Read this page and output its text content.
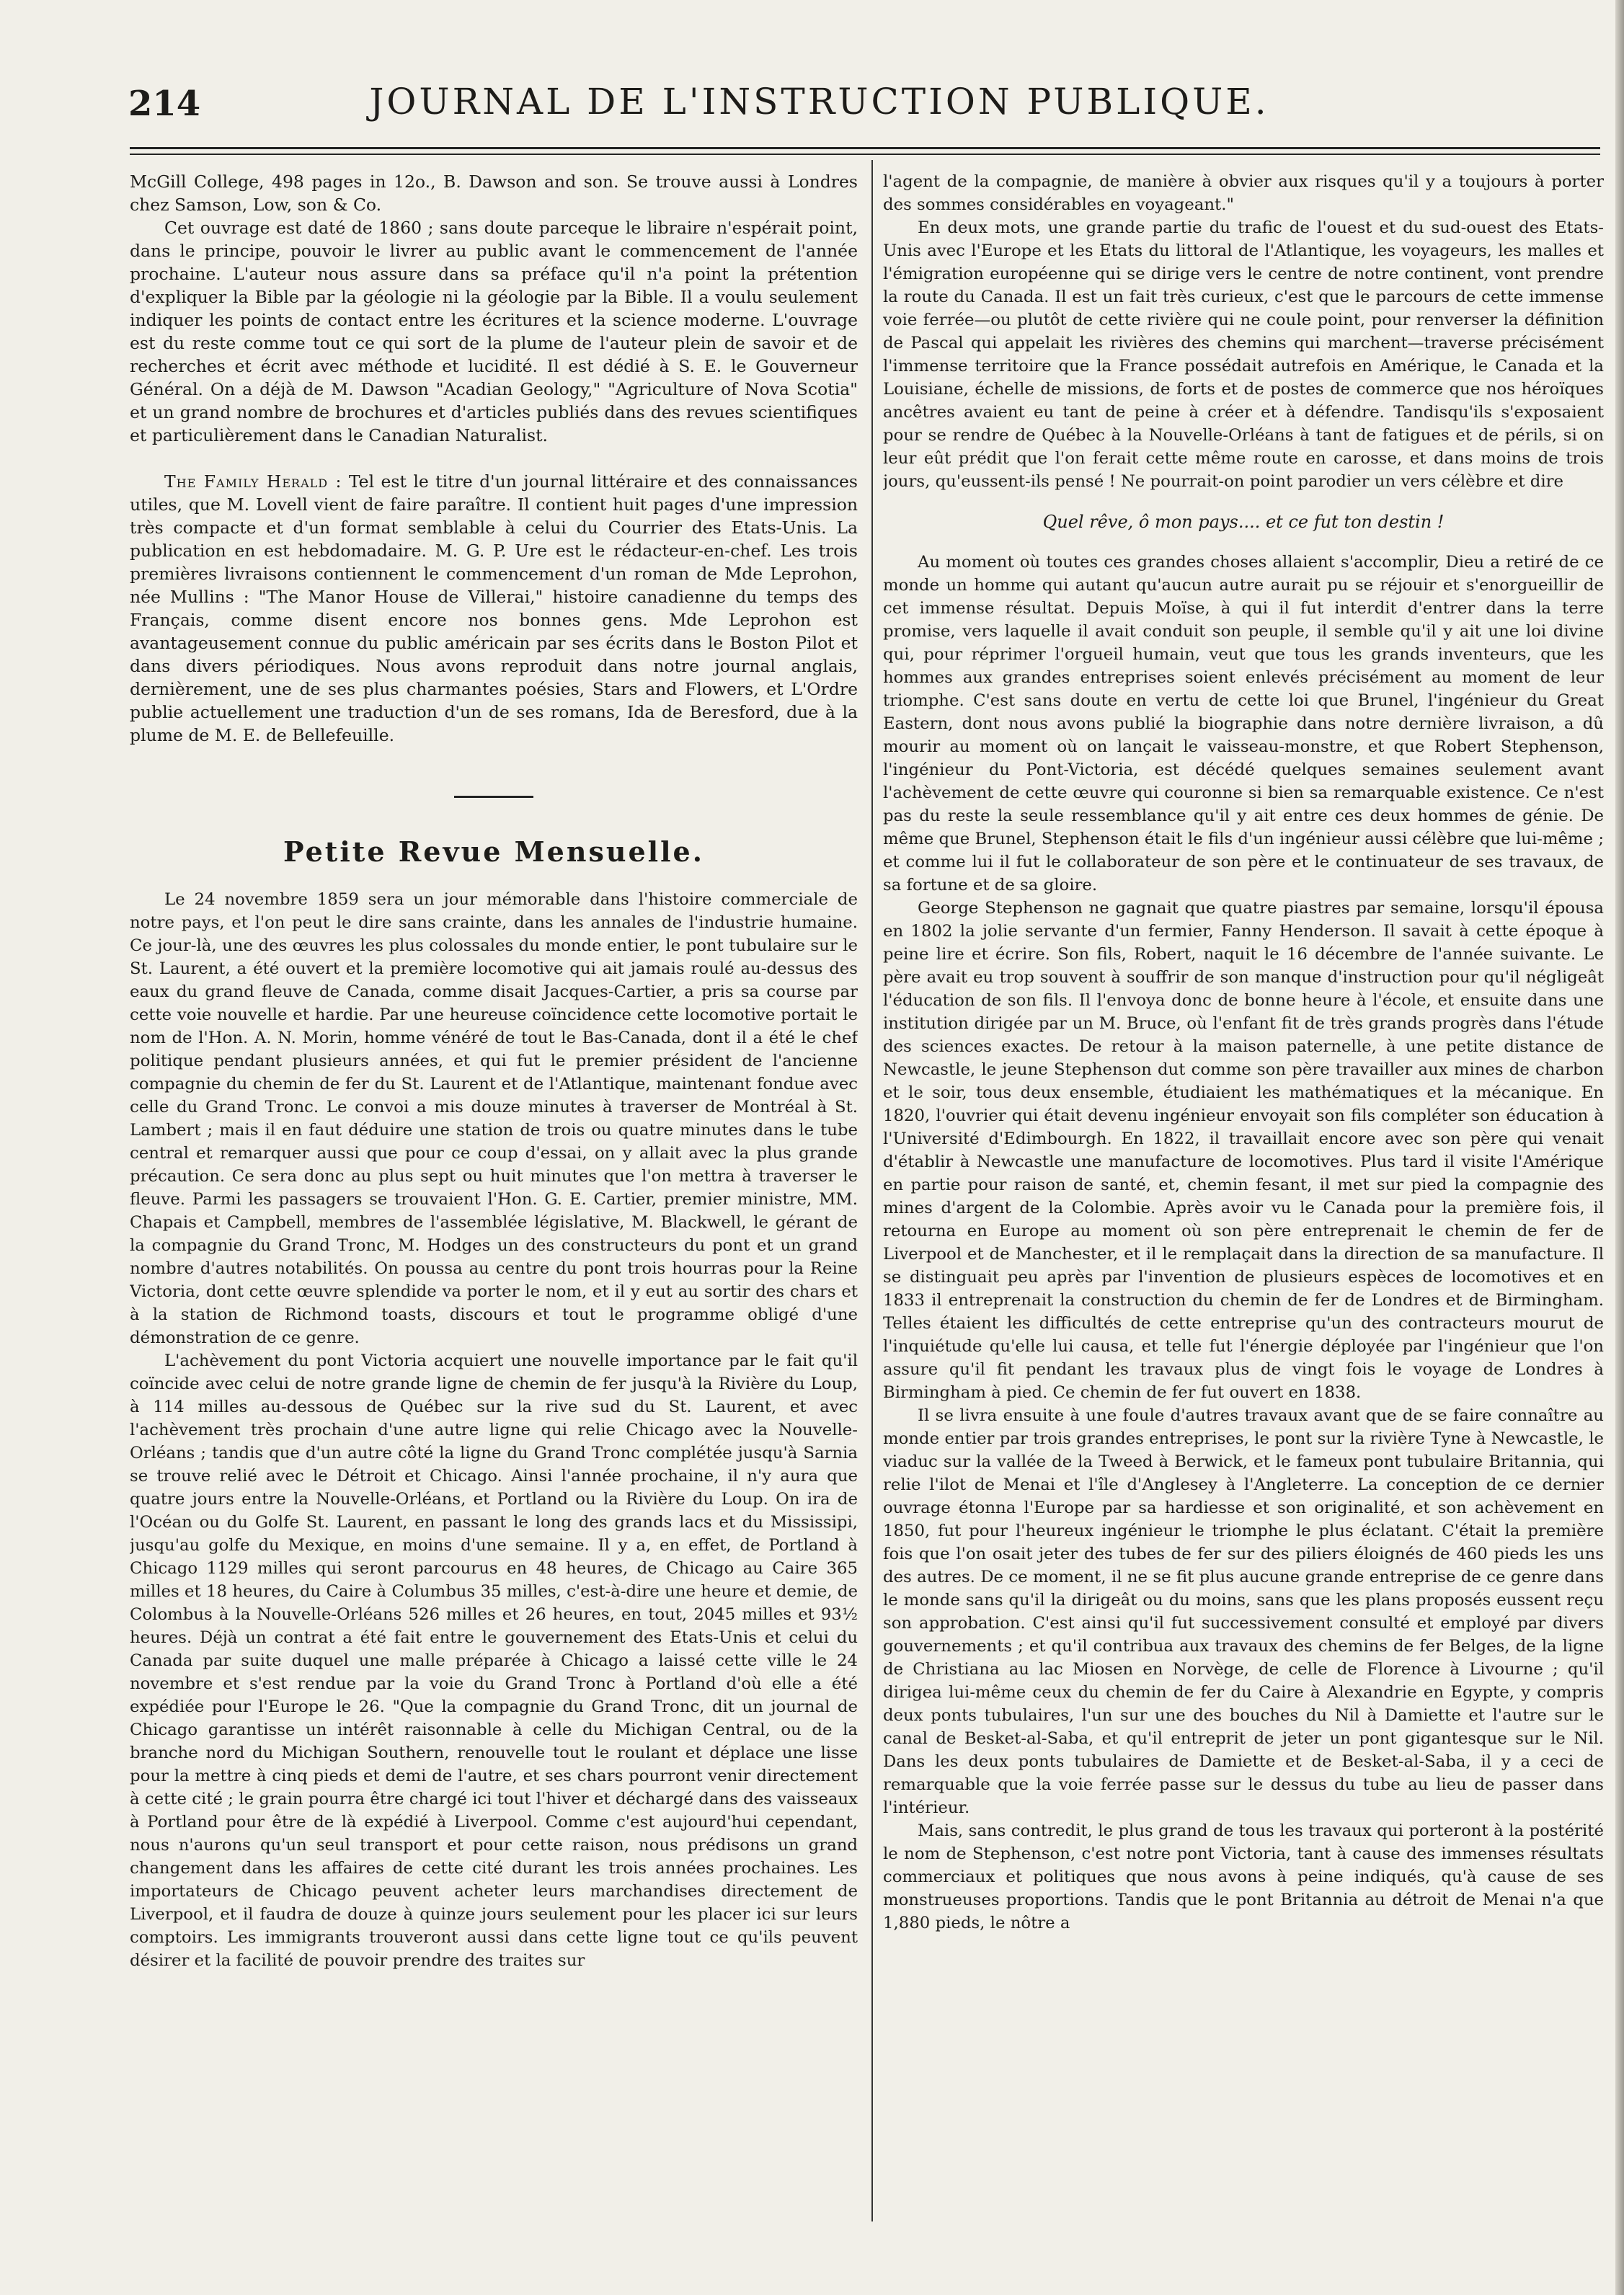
214	JOURNAL DE L'INSTRUCTION PUBLIQUE.

McGill College, 498 pages in 12o., B. Dawson and son. Se trouve aussi à Londres chez Samson, Low, son & Co.

Cet ouvrage est daté de 1860 ; sans doute parceque le libraire n'espérait point, dans le principe, pouvoir le livrer au public avant le commencement de l'année prochaine. L'auteur nous assure dans sa préface qu'il n'a point la prétention d'expliquer la Bible par la géologie ni la géologie par la Bible. Il a voulu seulement indiquer les points de contact entre les écritures et la science moderne. L'ouvrage est du reste comme tout ce qui sort de la plume de l'auteur plein de savoir et de recherches et écrit avec méthode et lucidité. Il est dédié à S. E. le Gouverneur Général. On a déjà de M. Dawson "Acadian Geology," "Agriculture of Nova Scotia" et un grand nombre de brochures et d'articles publiés dans des revues scientifiques et particulièrement dans le Canadian Naturalist.

The Family Herald : Tel est le titre d'un journal littéraire et des connaissances utiles, que M. Lovell vient de faire paraître. Il contient huit pages d'une impression très compacte et d'un format semblable à celui du Courrier des Etats-Unis. La publication en est hebdomadaire. M. G. P. Ure est le rédacteur-en-chef. Les trois premières livraisons contiennent le commencement d'un roman de Mde Leprohon, née Mullins : "The Manor House de Villerai," histoire canadienne du temps des Français, comme disent encore nos bonnes gens. Mde Leprohon est avantageusement connue du public américain par ses écrits dans le Boston Pilot et dans divers périodiques. Nous avons reproduit dans notre journal anglais, dernièrement, une de ses plus charmantes poésies, Stars and Flowers, et L'Ordre publie actuellement une traduction d'un de ses romans, Ida de Beresford, due à la plume de M. E. de Bellefeuille.

Petite Revue Mensuelle.

Le 24 novembre 1859 sera un jour mémorable dans l'histoire commerciale de notre pays, et l'on peut le dire sans crainte, dans les annales de l'industrie humaine. Ce jour-là, une des œuvres les plus colossales du monde entier, le pont tubulaire sur le St. Laurent, a été ouvert et la première locomotive qui ait jamais roulé au-dessus des eaux du grand fleuve de Canada, comme disait Jacques-Cartier, a pris sa course par cette voie nouvelle et hardie. Par une heureuse coïncidence cette locomotive portait le nom de l'Hon. A. N. Morin, homme vénéré de tout le Bas-Canada, dont il a été le chef politique pendant plusieurs années, et qui fut le premier président de l'ancienne compagnie du chemin de fer du St. Laurent et de l'Atlantique, maintenant fondue avec celle du Grand Tronc. Le convoi a mis douze minutes à traverser de Montréal à St. Lambert ; mais il en faut déduire une station de trois ou quatre minutes dans le tube central et remarquer aussi que pour ce coup d'essai, on y allait avec la plus grande précaution. Ce sera donc au plus sept ou huit minutes que l'on mettra à traverser le fleuve. Parmi les passagers se trouvaient l'Hon. G. E. Cartier, premier ministre, MM. Chapais et Campbell, membres de l'assemblée législative, M. Blackwell, le gérant de la compagnie du Grand Tronc, M. Hodges un des constructeurs du pont et un grand nombre d'autres notabilités. On poussa au centre du pont trois hourras pour la Reine Victoria, dont cette œuvre splendide va porter le nom, et il y eut au sortir des chars et à la station de Richmond toasts, discours et tout le programme obligé d'une démonstration de ce genre.

L'achèvement du pont Victoria acquiert une nouvelle importance par le fait qu'il coïncide avec celui de notre grande ligne de chemin de fer jusqu'à la Rivière du Loup, à 114 milles au-dessous de Québec sur la rive sud du St. Laurent, et avec l'achèvement très prochain d'une autre ligne qui relie Chicago avec la Nouvelle-Orléans ; tandis que d'un autre côté la ligne du Grand Tronc complétée jusqu'à Sarnia se trouve relié avec le Détroit et Chicago. Ainsi l'année prochaine, il n'y aura que quatre jours entre la Nouvelle-Orléans, et Portland ou la Rivière du Loup. On ira de l'Océan ou du Golfe St. Laurent, en passant le long des grands lacs et du Mississipi, jusqu'au golfe du Mexique, en moins d'une semaine. Il y a, en effet, de Portland à Chicago 1129 milles qui seront parcourus en 48 heures, de Chicago au Caire 365 milles et 18 heures, du Caire à Columbus 35 milles, c'est-à-dire une heure et demie, de Colombus à la Nouvelle-Orléans 526 milles et 26 heures, en tout, 2045 milles et 93½ heures. Déjà un contrat a été fait entre le gouvernement des Etats-Unis et celui du Canada par suite duquel une malle préparée à Chicago a laissé cette ville le 24 novembre et s'est rendue par la voie du Grand Tronc à Portland d'où elle a été expédiée pour l'Europe le 26. "Que la compagnie du Grand Tronc, dit un journal de Chicago garantisse un intérêt raisonnable à celle du Michigan Central, ou de la branche nord du Michigan Southern, renouvelle tout le roulant et déplace une lisse pour la mettre à cinq pieds et demi de l'autre, et ses chars pourront venir directement à cette cité ; le grain pourra être chargé ici tout l'hiver et déchargé dans des vaisseaux à Portland pour être de là expédié à Liverpool. Comme c'est aujourd'hui cependant, nous n'aurons qu'un seul transport et pour cette raison, nous prédisons un grand changement dans les affaires de cette cité durant les trois années prochaines. Les importateurs de Chicago peuvent acheter leurs marchandises directement de Liverpool, et il faudra de douze à quinze jours seulement pour les placer ici sur leurs comptoirs. Les immigrants trouveront aussi dans cette ligne tout ce qu'ils peuvent désirer et la facilité de pouvoir prendre des traites sur

l'agent de la compagnie, de manière à obvier aux risques qu'il y a toujours à porter des sommes considérables en voyageant."

En deux mots, une grande partie du trafic de l'ouest et du sud-ouest des Etats-Unis avec l'Europe et les Etats du littoral de l'Atlantique, les voyageurs, les malles et l'émigration européenne qui se dirige vers le centre de notre continent, vont prendre la route du Canada. Il est un fait très curieux, c'est que le parcours de cette immense voie ferrée—ou plutôt de cette rivière qui ne coule point, pour renverser la définition de Pascal qui appelait les rivières des chemins qui marchent—traverse précisément l'immense territoire que la France possédait autrefois en Amérique, le Canada et la Louisiane, échelle de missions, de forts et de postes de commerce que nos héroïques ancêtres avaient eu tant de peine à créer et à défendre. Tandisqu'ils s'exposaient pour se rendre de Québec à la Nouvelle-Orléans à tant de fatigues et de périls, si on leur eût prédit que l'on ferait cette même route en carosse, et dans moins de trois jours, qu'eussent-ils pensé ! Ne pourrait-on point parodier un vers célèbre et dire

Quel rêve, ô mon pays.... et ce fut ton destin !

Au moment où toutes ces grandes choses allaient s'accomplir, Dieu a retiré de ce monde un homme qui autant qu'aucun autre aurait pu se réjouir et s'enorgueillir de cet immense résultat. Depuis Moïse, à qui il fut interdit d'entrer dans la terre promise, vers laquelle il avait conduit son peuple, il semble qu'il y ait une loi divine qui, pour réprimer l'orgueil humain, veut que tous les grands inventeurs, que les hommes aux grandes entreprises soient enlevés précisément au moment de leur triomphe. C'est sans doute en vertu de cette loi que Brunel, l'ingénieur du Great Eastern, dont nous avons publié la biographie dans notre dernière livraison, a dû mourir au moment où on lançait le vaisseau-monstre, et que Robert Stephenson, l'ingénieur du Pont-Victoria, est décédé quelques semaines seulement avant l'achèvement de cette œuvre qui couronne si bien sa remarquable existence. Ce n'est pas du reste la seule ressemblance qu'il y ait entre ces deux hommes de génie. De même que Brunel, Stephenson était le fils d'un ingénieur aussi célèbre que lui-même ; et comme lui il fut le collaborateur de son père et le continuateur de ses travaux, de sa fortune et de sa gloire.

George Stephenson ne gagnait que quatre piastres par semaine, lorsqu'il épousa en 1802 la jolie servante d'un fermier, Fanny Henderson. Il savait à cette époque à peine lire et écrire. Son fils, Robert, naquit le 16 décembre de l'année suivante. Le père avait eu trop souvent à souffrir de son manque d'instruction pour qu'il négligeât l'éducation de son fils. Il l'envoya donc de bonne heure à l'école, et ensuite dans une institution dirigée par un M. Bruce, où l'enfant fit de très grands progrès dans l'étude des sciences exactes. De retour à la maison paternelle, à une petite distance de Newcastle, le jeune Stephenson dut comme son père travailler aux mines de charbon et le soir, tous deux ensemble, étudiaient les mathématiques et la mécanique. En 1820, l'ouvrier qui était devenu ingénieur envoyait son fils compléter son éducation à l'Université d'Edimbourgh. En 1822, il travaillait encore avec son père qui venait d'établir à Newcastle une manufacture de locomotives. Plus tard il visite l'Amérique en partie pour raison de santé, et, chemin fesant, il met sur pied la compagnie des mines d'argent de la Colombie. Après avoir vu le Canada pour la première fois, il retourna en Europe au moment où son père entreprenait le chemin de fer de Liverpool et de Manchester, et il le remplaçait dans la direction de sa manufacture. Il se distinguait peu après par l'invention de plusieurs espèces de locomotives et en 1833 il entreprenait la construction du chemin de fer de Londres et de Birmingham. Telles étaient les difficultés de cette entreprise qu'un des contracteurs mourut de l'inquiétude qu'elle lui causa, et telle fut l'énergie déployée par l'ingénieur que l'on assure qu'il fit pendant les travaux plus de vingt fois le voyage de Londres à Birmingham à pied. Ce chemin de fer fut ouvert en 1838.

Il se livra ensuite à une foule d'autres travaux avant que de se faire connaître au monde entier par trois grandes entreprises, le pont sur la rivière Tyne à Newcastle, le viaduc sur la vallée de la Tweed à Berwick, et le fameux pont tubulaire Britannia, qui relie l'ilot de Menai et l'île d'Anglesey à l'Angleterre. La conception de ce dernier ouvrage étonna l'Europe par sa hardiesse et son originalité, et son achèvement en 1850, fut pour l'heureux ingénieur le triomphe le plus éclatant. C'était la première fois que l'on osait jeter des tubes de fer sur des piliers éloignés de 460 pieds les uns des autres. De ce moment, il ne se fit plus aucune grande entreprise de ce genre dans le monde sans qu'il la dirigeât ou du moins, sans que les plans proposés eussent reçu son approbation. C'est ainsi qu'il fut successivement consulté et employé par divers gouvernements ; et qu'il contribua aux travaux des chemins de fer Belges, de la ligne de Christiana au lac Miosen en Norvège, de celle de Florence à Livourne ; qu'il dirigea lui-même ceux du chemin de fer du Caire à Alexandrie en Egypte, y compris deux ponts tubulaires, l'un sur une des bouches du Nil à Damiette et l'autre sur le canal de Besket-al-Saba, et qu'il entreprit de jeter un pont gigantesque sur le Nil. Dans les deux ponts tubulaires de Damiette et de Besket-al-Saba, il y a ceci de remarquable que la voie ferrée passe sur le dessus du tube au lieu de passer dans l'intérieur.

Mais, sans contredit, le plus grand de tous les travaux qui porteront à la postérité le nom de Stephenson, c'est notre pont Victoria, tant à cause des immenses résultats commerciaux et politiques que nous avons à peine indiqués, qu'à cause de ses monstrueuses proportions. Tandis que le pont Britannia au détroit de Menai n'a que 1,880 pieds, le nôtre a
